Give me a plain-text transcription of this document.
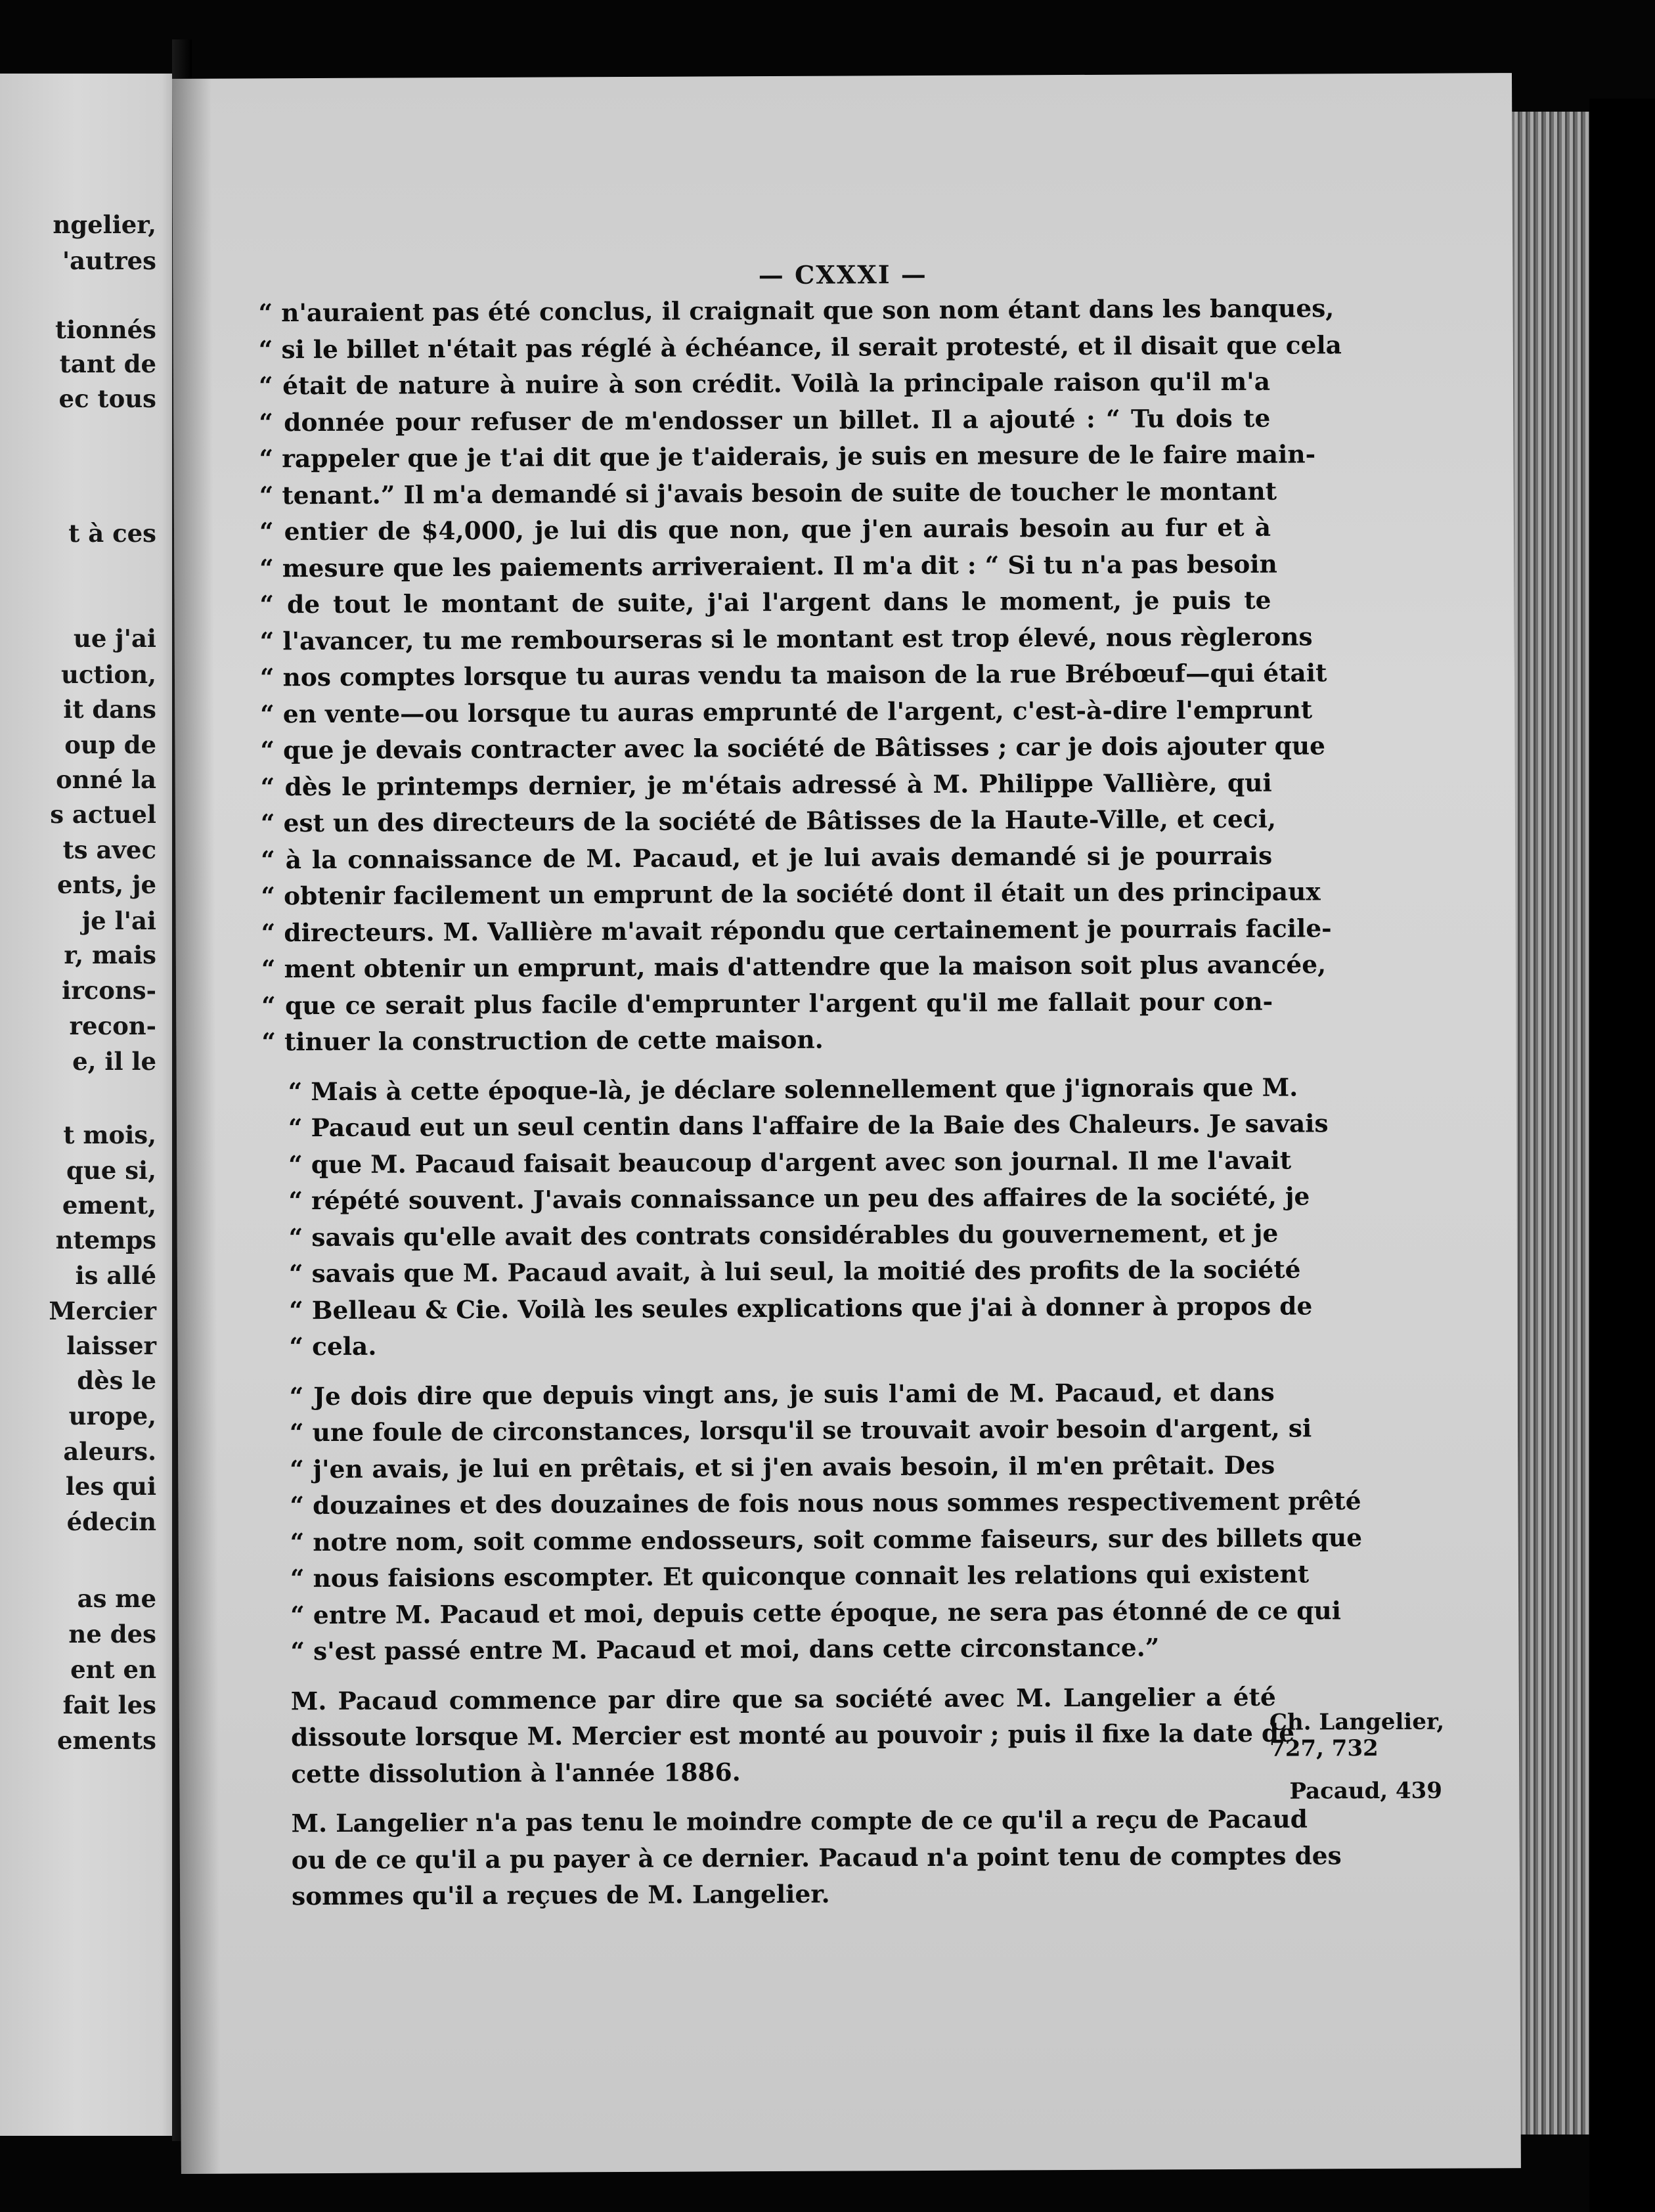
ngelier,
'autres
tionnés
tant de
ec tous
t à ces
ue j'ai
uction,
it dans
oup de
onné la
s actuel
ts avec
ents, je
je l'ai
r, mais
ircons-
recon-
e, il le
t mois,
que si,
ement,
ntemps
is allé
Mercier
laisser
dès le
urope,
aleurs.
les qui
édecin
as me
ne des
ent en
fait les
ements
— CXXXI —

“ n'auraient pas été conclus, il craignait que son nom étant dans les banques,
“ si le billet n'était pas réglé à échéance, il serait protesté, et il disait que cela
“ était de nature à nuire à son crédit. Voilà la principale raison qu'il m'a
“ donnée pour refuser de m'endosser un billet. Il a ajouté : “ Tu dois te
“ rappeler que je t'ai dit que je t'aiderais, je suis en mesure de le faire main-
“ tenant.” Il m'a demandé si j'avais besoin de suite de toucher le montant
“ entier de $4,000, je lui dis que non, que j'en aurais besoin au fur et à
“ mesure que les paiements arriveraient. Il m'a dit : “ Si tu n'a pas besoin
“ de tout le montant de suite, j'ai l'argent dans le moment, je puis te
“ l'avancer, tu me rembourseras si le montant est trop élevé, nous règlerons
“ nos comptes lorsque tu auras vendu ta maison de la rue Brébœuf—qui était
“ en vente—ou lorsque tu auras emprunté de l'argent, c'est-à-dire l'emprunt
“ que je devais contracter avec la société de Bâtisses ; car je dois ajouter que
“ dès le printemps dernier, je m'étais adressé à M. Philippe Vallière, qui
“ est un des directeurs de la société de Bâtisses de la Haute-Ville, et ceci,
“ à la connaissance de M. Pacaud, et je lui avais demandé si je pourrais
“ obtenir facilement un emprunt de la société dont il était un des principaux
“ directeurs. M. Vallière m'avait répondu que certainement je pourrais facile-
“ ment obtenir un emprunt, mais d'attendre que la maison soit plus avancée,
“ que ce serait plus facile d'emprunter l'argent qu'il me fallait pour con-
“ tinuer la construction de cette maison.

“ Mais à cette époque-là, je déclare solennellement que j'ignorais que M.
“ Pacaud eut un seul centin dans l'affaire de la Baie des Chaleurs. Je savais
“ que M. Pacaud faisait beaucoup d'argent avec son journal. Il me l'avait
“ répété souvent. J'avais connaissance un peu des affaires de la société, je
“ savais qu'elle avait des contrats considérables du gouvernement, et je
“ savais que M. Pacaud avait, à lui seul, la moitié des profits de la société
“ Belleau & Cie. Voilà les seules explications que j'ai à donner à propos de
“ cela.

“ Je dois dire que depuis vingt ans, je suis l'ami de M. Pacaud, et dans
“ une foule de circonstances, lorsqu'il se trouvait avoir besoin d'argent, si
“ j'en avais, je lui en prêtais, et si j'en avais besoin, il m'en prêtait. Des
“ douzaines et des douzaines de fois nous nous sommes respectivement prêté
“ notre nom, soit comme endosseurs, soit comme faiseurs, sur des billets que
“ nous faisions escompter. Et quiconque connait les relations qui existent
“ entre M. Pacaud et moi, depuis cette époque, ne sera pas étonné de ce qui
“ s'est passé entre M. Pacaud et moi, dans cette circonstance.”

M. Pacaud commence par dire que sa société avec M. Langelier a été
dissoute lorsque M. Mercier est monté au pouvoir ; puis il fixe la date de
cette dissolution à l'année 1886.

M. Langelier n'a pas tenu le moindre compte de ce qu'il a reçu de Pacaud
ou de ce qu'il a pu payer à ce dernier. Pacaud n'a point tenu de comptes des
sommes qu'il a reçues de M. Langelier.

Ch. Langelier,
727, 732
Pacaud, 439
